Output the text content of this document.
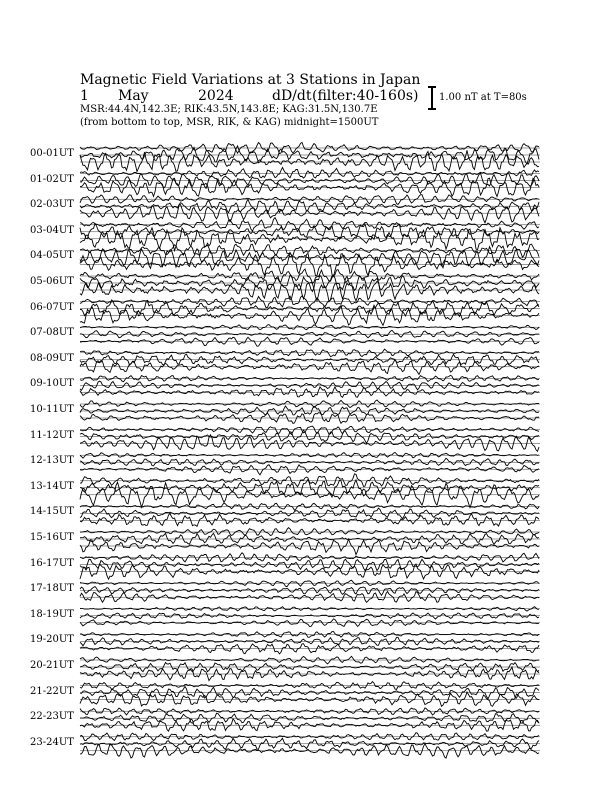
Magnetic Field Variations at 3 Stations in Japan
1 May	2024	dD/dt (filter:40-160s)
MSR:44.4N,142.3E; RIK:43.5N,143.8E; KAG:31.5N,130.7E
(from bottom to top, MSR, RIK, & KAG) midnight=1500UT
1.00 nT at T=80s
00-01UT
01-02UT
02-03UT
03-04UT
04-05UT
05-06UT
06-07UT
07-08UT
08-09UT
09-10UT
10-11UT
11-12UT
12-13UT
13-14UT
14-15UT
15-16UT
16-17UT
17-18UT
18-19UT
19-20UT
20-21UT
21-22UT
22-23UT
23-24UT
